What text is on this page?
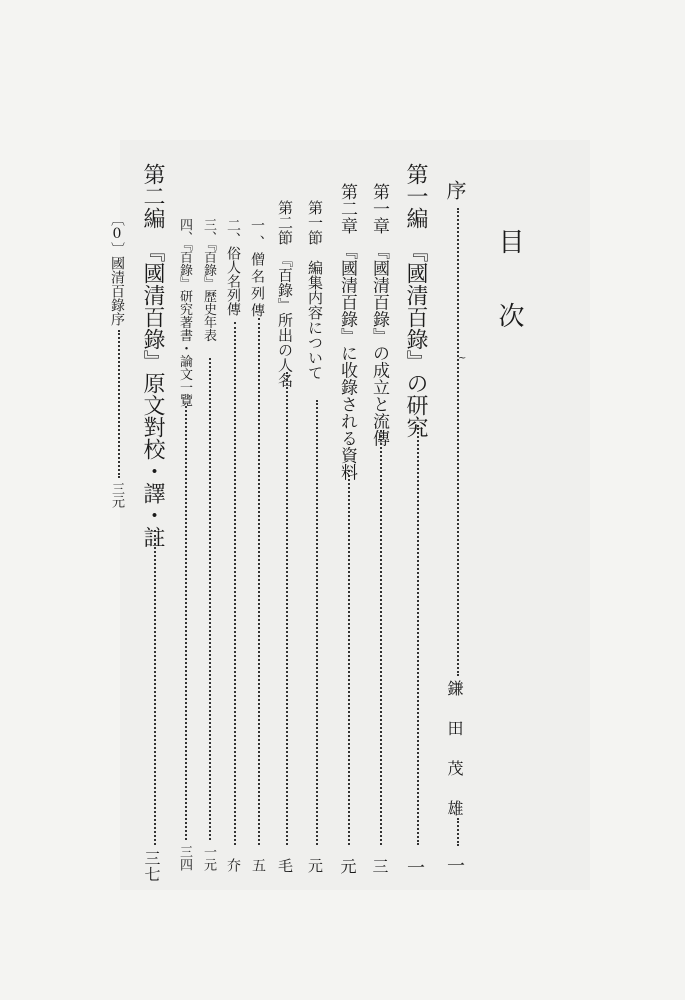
目次
~
序
鎌田茂雄
一
第一編　『國清百錄』の研究
一
第一章　『國清百錄』の成立と流傳
三
第二章　『國清百錄』に收錄される資料
元
第一節　編集内容について
元
第二節　『百錄』所出の人名
毛
一、僧名列傳
五
二、俗人名列傳
夰
三、『百錄』歷史年表
一元
四、『百錄』研究著書・論文一覽
三四
第二編　『國清百錄』原文對校・譯・註
三七
〔0〕國清百錄序
三元
